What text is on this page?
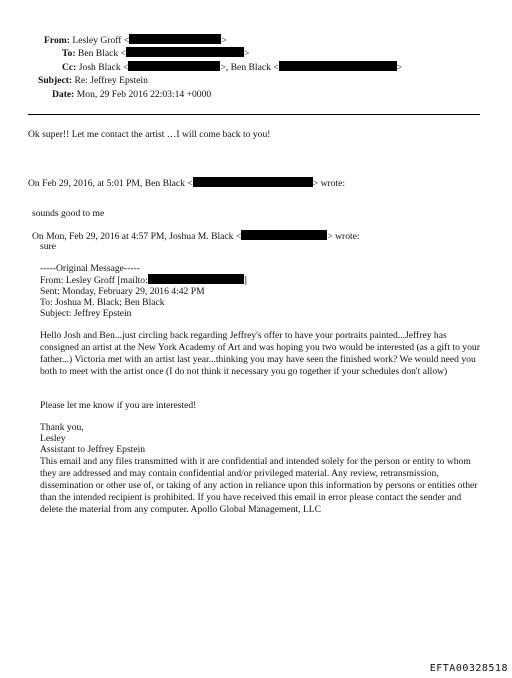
From: Lesley Groff <	>
To: Ben Black <	>
Cc: Josh Black <	>, Ben Black <	>
Subject: Re: Jeffrey Epstein
Date: Mon, 29 Feb 2016 22:03:14 +0000
Ok super!! Let me contact the artist …I will come back to you!
On Feb 29, 2016, at 5:01 PM, Ben Black <	> wrote:
sounds good to me
On Mon, Feb 29, 2016 at 4:57 PM, Joshua M. Black <	> wrote:
sure
-----Original Message-----
From: Lesley Groff [mailto:	]
Sent: Monday, February 29, 2016 4:42 PM
To: Joshua M. Black; Ben Black
Subject: Jeffrey Epstein
Hello Josh and Ben...just circling back regarding Jeffrey's offer to have your portraits painted...Jeffrey has consigned an artist at the New York Academy of Art and was hoping you two would be interested (as a gift to your father...) Victoria met with an artist last year...thinking you may have seen the finished work? We would need you both to meet with the artist once (I do not think it necessary you go together if your schedules don't allow)
Please let me know if you are interested!
Thank you,
Lesley
Assistant to Jeffrey Epstein
This email and any files transmitted with it are confidential and intended solely for the person or entity to whom they are addressed and may contain confidential and/or privileged material. Any review, retransmission, dissemination or other use of, or taking of any action in reliance upon this information by persons or entities other than the intended recipient is prohibited. If you have received this email in error please contact the sender and delete the material from any computer. Apollo Global Management, LLC
EFTA00328518
